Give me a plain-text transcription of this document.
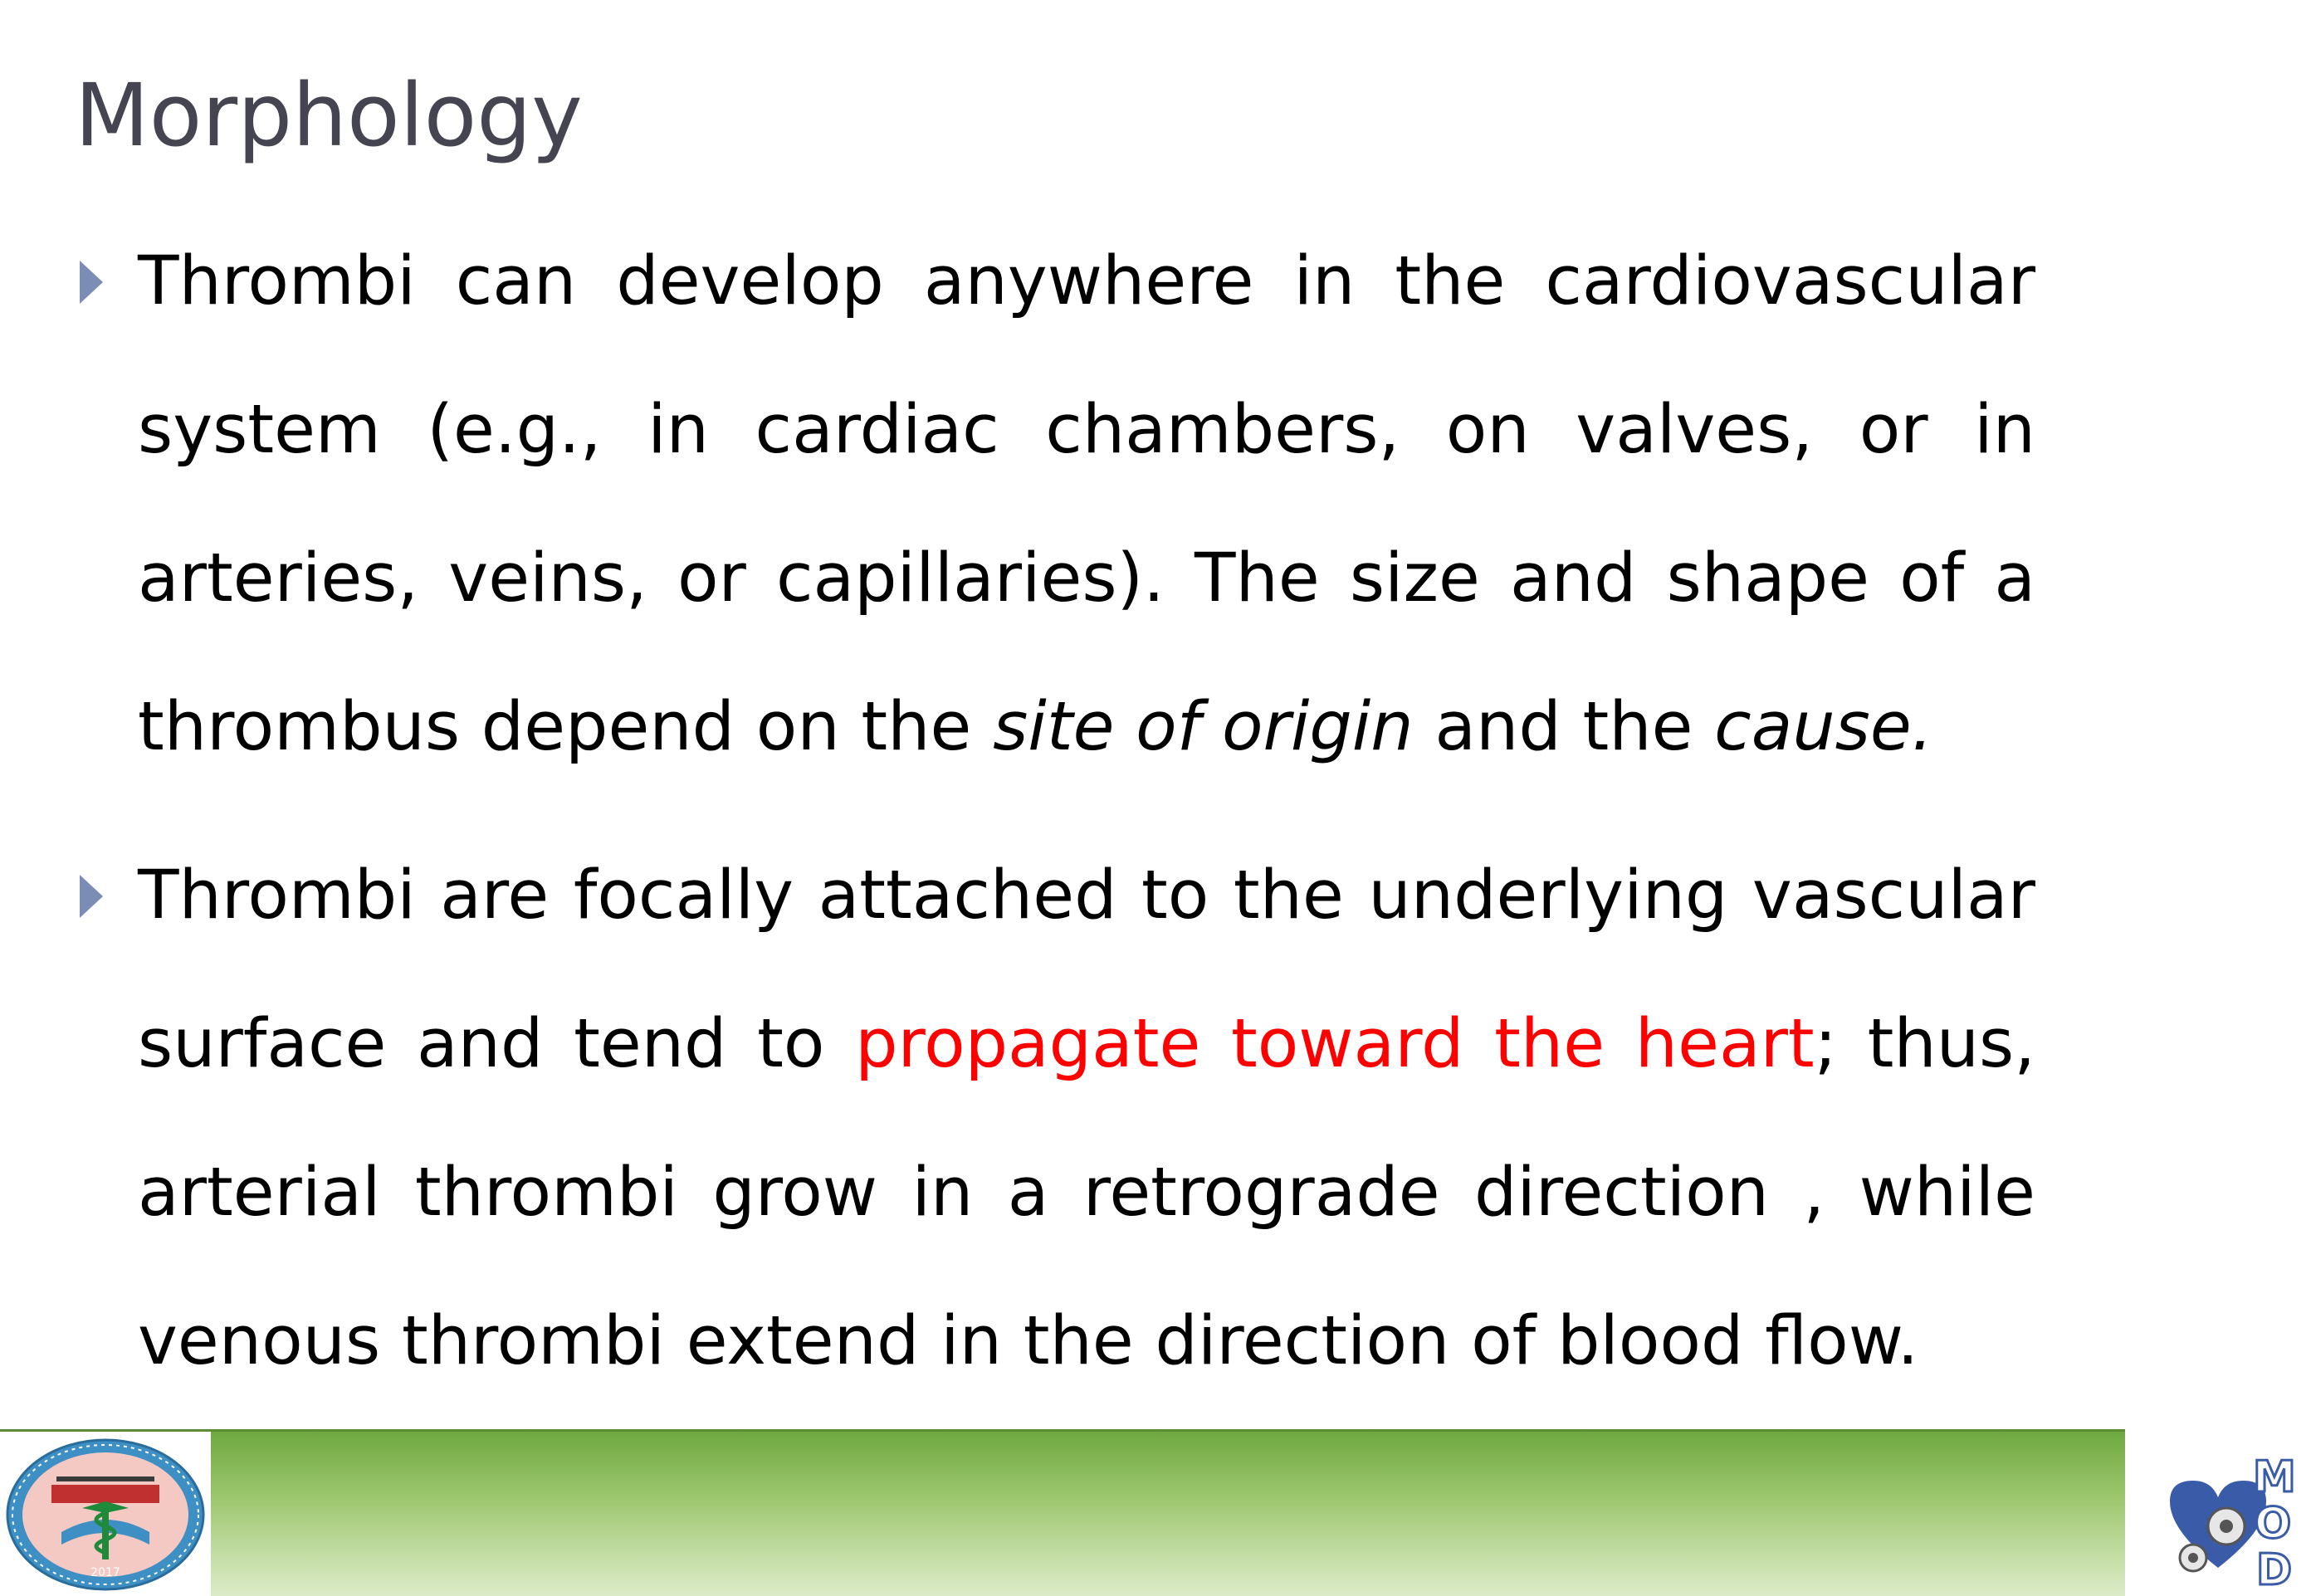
Morphology
Thrombi can develop anywhere in the cardiovascular system (e.g., in cardiac chambers, on valves, or in arteries, veins, or capillaries). The size and shape of a thrombus depend on the site of origin and the cause.
Thrombi are focally attached to the underlying vascular surface and tend to propagate toward the heart; thus, arterial thrombi grow in a retrograde direction , while venous thrombi extend in the direction of blood flow.
2017
M
O
D
